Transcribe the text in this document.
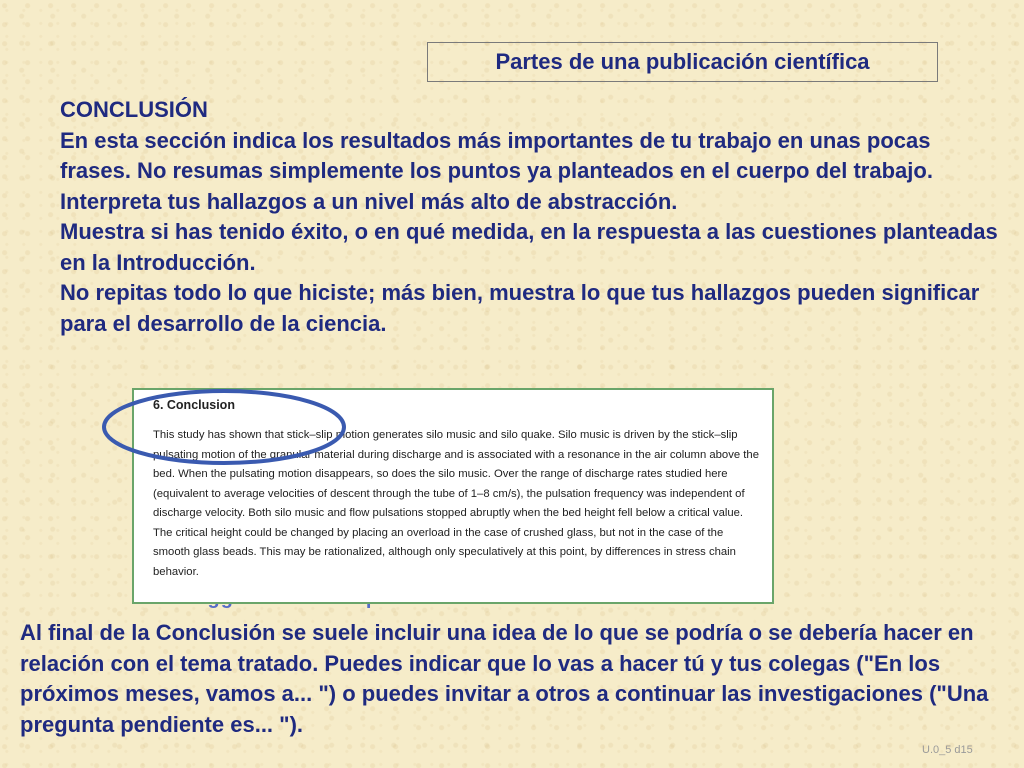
Partes de una publicación científica

CONCLUSIÓN

En esta sección indica los resultados más importantes de tu trabajo en unas pocas frases. No resumas simplemente los puntos ya planteados en el cuerpo del trabajo.

Interpreta tus hallazgos a un nivel más alto de abstracción.

Muestra si has tenido éxito, o en qué medida, en la respuesta a las cuestiones planteadas en la Introducción.

No repitas todo lo que hiciste; más bien, muestra lo que tus hallazgos pueden significar para el desarrollo de la ciencia.

6. Conclusion

This study has shown that stick–slip motion generates silo music and silo quake. Silo music is driven by the stick–slip pulsating motion of the granular material during discharge and is associated with a resonance in the air column above the bed. When the pulsating motion disappears, so does the silo music. Over the range of discharge rates studied here (equivalent to average velocities of descent through the tube of 1–8 cm/s), the pulsation frequency was independent of discharge velocity. Both silo music and flow pulsations stopped abruptly when the bed height fell below a critical value. The critical height could be changed by placing an overload in the case of crushed glass, but not in the case of the smooth glass beads. This may be rationalized, although only speculatively at this point, by differences in stress chain behavior.

Al final de la Conclusión se suele incluir una idea de lo que se podría o se debería hacer en relación con el tema tratado. Puedes indicar que lo vas a hacer tú y tus colegas ("En los próximos meses, vamos a... ") o puedes invitar a otros a continuar las investigaciones ("Una pregunta pendiente es... ").

U.0_5 d15
